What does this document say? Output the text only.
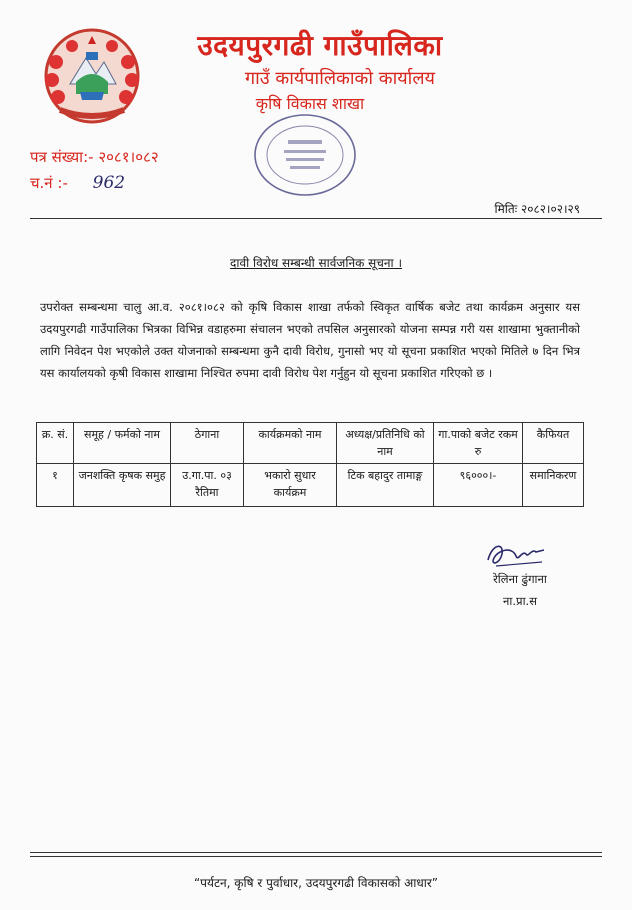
उदयपुरगढी गाउँपालिका
गाउँ कार्यपालिकाको कार्यालय
कृषि विकास शाखा
पत्र संख्या:- २०८१।०८२
च.नं :- 962
मितिः २०८२।०२।२९
दावी विरोध सम्बन्धी सार्वजनिक सूचना ।
उपरोक्त सम्बन्धमा चालु आ.व. २०८१।०८२ को कृषि विकास शाखा तर्फको स्विकृत वार्षिक बजेट तथा कार्यक्रम अनुसार यस उदयपुरगढी गाउँपालिका भित्रका विभिन्न वडाहरुमा संचालन भएको तपसिल अनुसारको योजना सम्पन्न गरी यस शाखामा भुक्तानीको लागि निवेदन पेश भएकोले उक्त योजनाको सम्बन्धमा कुनै दावी विरोध, गुनासो भए यो सूचना प्रकाशित भएको मितिले ७ दिन भित्र यस कार्यालयको कृषी विकास शाखामा निश्चित रुपमा दावी विरोध पेश गर्नुहुन यो सूचना प्रकाशित गरिएको छ ।
क्र. सं.	समूह / फर्मको नाम	ठेगाना	कार्यक्रमको नाम	अध्यक्ष/प्रतिनिधि को नाम	गा.पाको बजेट रकम रु	कैफियत
१	जनशक्ति कृषक समुह	उ.गा.पा. ०३ रैतिमा	भकारो सुधार कार्यक्रम	टिक बहादुर तामाङ्ग	९६०००।-	समानिकरण
रेलिना ढुंगाना
ना.प्रा.स
“पर्यटन, कृषि र पुर्वाधार, उदयपुरगढी विकासको आधार”
